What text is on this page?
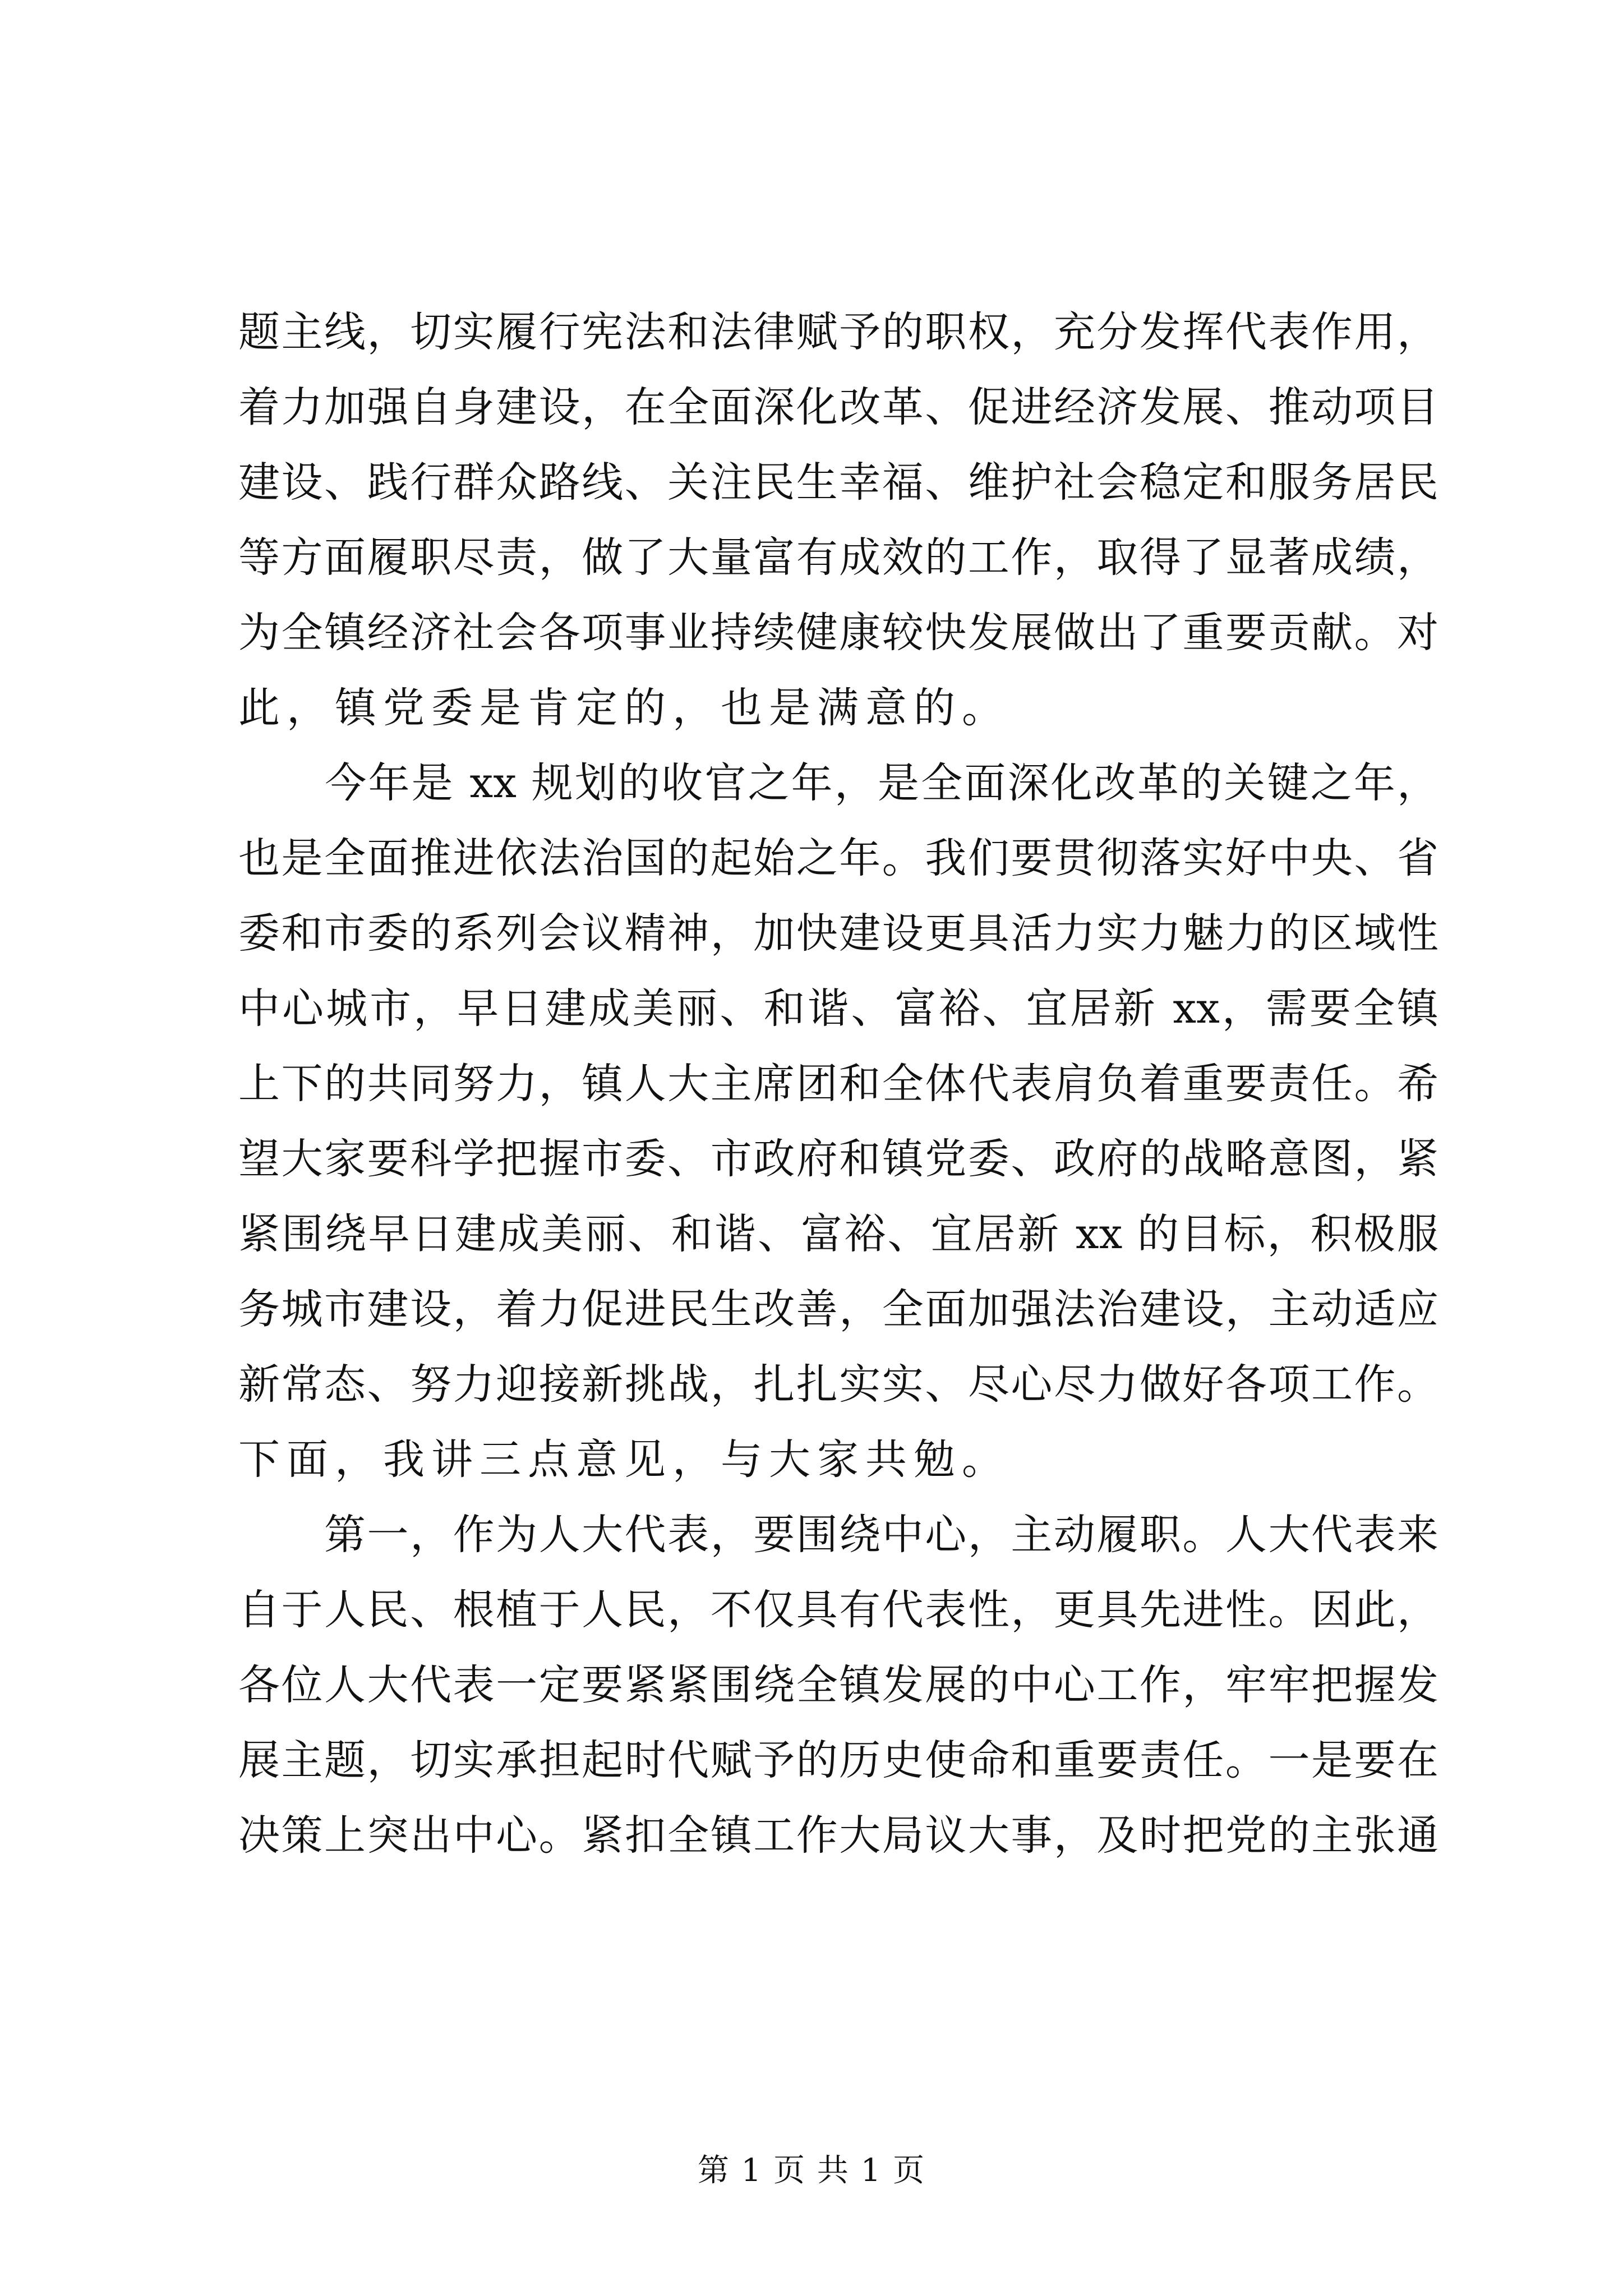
题主线，切实履行宪法和法律赋予的职权，充分发挥代表作用，
着力加强自身建设，在全面深化改革、促进经济发展、推动项目
建设、践行群众路线、关注民生幸福、维护社会稳定和服务居民
等方面履职尽责，做了大量富有成效的工作，取得了显著成绩，
为全镇经济社会各项事业持续健康较快发展做出了重要贡献。对
此，镇党委是肯定的，也是满意的。
　　今年是 xx 规划的收官之年，是全面深化改革的关键之年，
也是全面推进依法治国的起始之年。我们要贯彻落实好中央、省
委和市委的系列会议精神，加快建设更具活力实力魅力的区域性
中心城市，早日建成美丽、和谐、富裕、宜居新 xx，需要全镇
上下的共同努力，镇人大主席团和全体代表肩负着重要责任。希
望大家要科学把握市委、市政府和镇党委、政府的战略意图，紧
紧围绕早日建成美丽、和谐、富裕、宜居新 xx 的目标，积极服
务城市建设，着力促进民生改善，全面加强法治建设，主动适应
新常态、努力迎接新挑战，扎扎实实、尽心尽力做好各项工作。
下面，我讲三点意见，与大家共勉。
　　第一，作为人大代表，要围绕中心，主动履职。人大代表来
自于人民、根植于人民，不仅具有代表性，更具先进性。因此，
各位人大代表一定要紧紧围绕全镇发展的中心工作，牢牢把握发
展主题，切实承担起时代赋予的历史使命和重要责任。一是要在
决策上突出中心。紧扣全镇工作大局议大事，及时把党的主张通
第 1 页 共 1 页
